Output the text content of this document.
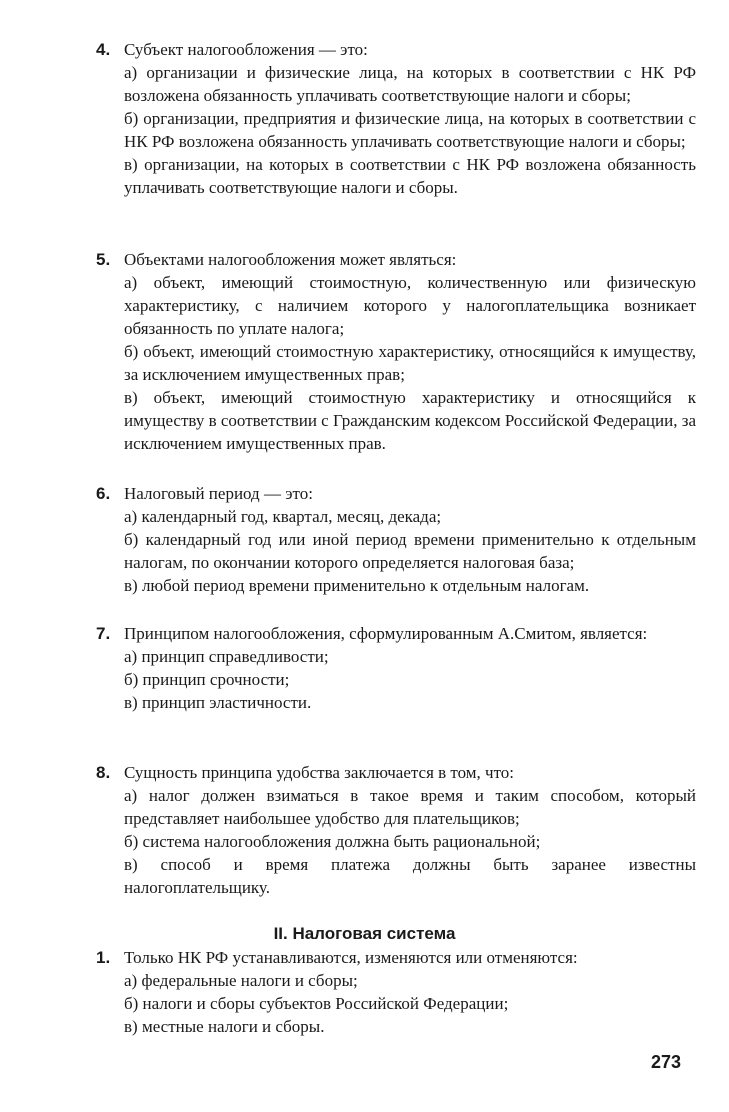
4. Субъект налогообложения — это:
а) организации и физические лица, на которых в соответствии с НК РФ возложена обязанность уплачивать соответствующие налоги и сборы;
б) организации, предприятия и физические лица, на которых в соответствии с НК РФ возложена обязанность уплачивать соответствующие налоги и сборы;
в) организации, на которых в соответствии с НК РФ возложена обязанность уплачивать соответствующие налоги и сборы.
5. Объектами налогообложения может являться:
а) объект, имеющий стоимостную, количественную или физическую характеристику, с наличием которого у налогоплательщика возникает обязанность по уплате налога;
б) объект, имеющий стоимостную характеристику, относящийся к имуществу, за исключением имущественных прав;
в) объект, имеющий стоимостную характеристику и относящийся к имуществу в соответствии с Гражданским кодексом Российской Федерации, за исключением имущественных прав.
6. Налоговый период — это:
а) календарный год, квартал, месяц, декада;
б) календарный год или иной период времени применительно к отдельным налогам, по окончании которого определяется налоговая база;
в) любой период времени применительно к отдельным налогам.
7. Принципом налогообложения, сформулированным А.Смитом, является:
а) принцип справедливости;
б) принцип срочности;
в) принцип эластичности.
8. Сущность принципа удобства заключается в том, что:
а) налог должен взиматься в такое время и таким способом, который представляет наибольшее удобство для плательщиков;
б) система налогообложения должна быть рациональной;
в) способ и время платежа должны быть заранее известны налогоплательщику.
II. Налоговая система
1. Только НК РФ устанавливаются, изменяются или отменяются:
а) федеральные налоги и сборы;
б) налоги и сборы субъектов Российской Федерации;
в) местные налоги и сборы.
273
